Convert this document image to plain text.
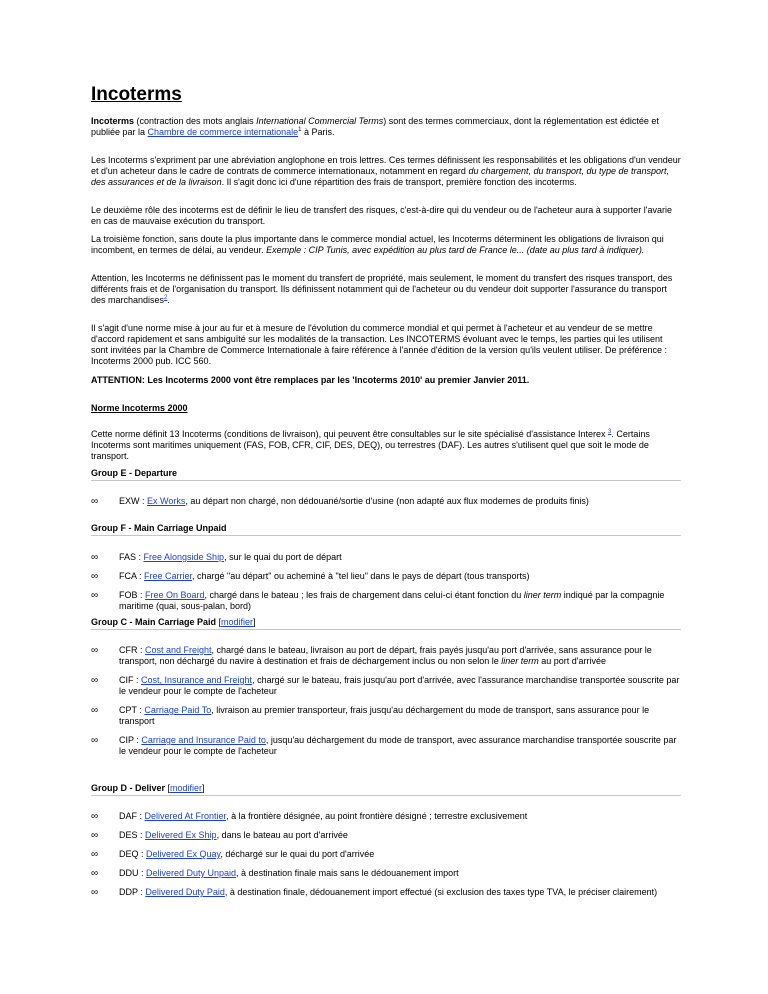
Incoterms

Incoterms (contraction des mots anglais International Commercial Terms) sont des termes commerciaux, dont la réglementation est édictée et publiée par la Chambre de commerce internationale$^1$ à Paris.

Les Incoterms s'expriment par une abréviation anglophone en trois lettres. Ces termes définissent les responsabilités et les obligations d'un vendeur et d'un acheteur dans le cadre de contrats de commerce internationaux, notamment en regard du chargement, du transport, du type de transport, des assurances et de la livraison. Il s'agit donc ici d'une répartition des frais de transport, première fonction des incoterms.

Le deuxième rôle des incoterms est de définir le lieu de transfert des risques, c'est-à-dire qui du vendeur ou de l'acheteur aura à supporter l'avarie en cas de mauvaise exécution du transport.

La troisième fonction, sans doute la plus importante dans le commerce mondial actuel, les Incoterms déterminent les obligations de livraison qui incombent, en termes de délai, au vendeur. Exemple : CIP Tunis, avec expédition au plus tard de France le... (date au plus tard à indiquer).

Attention, les Incoterms ne définissent pas le moment du transfert de propriété, mais seulement, le moment du transfert des risques transport, des différents frais et de l'organisation du transport. Ils définissent notamment qui de l'acheteur ou du vendeur doit supporter l'assurance du transport des marchandises$^2$.

Il s'agit d'une norme mise à jour au fur et à mesure de l'évolution du commerce mondial et qui permet à l'acheteur et au vendeur de se mettre d'accord rapidement et sans ambiguïté sur les modalités de la transaction. Les INCOTERMS évoluant avec le temps, les parties qui les utilisent sont invitées par la Chambre de Commerce Internationale à faire référence à l'année d'édition de la version qu'ils veulent utiliser. De préférence : Incoterms 2000 pub. ICC 560.

ATTENTION: Les Incoterms 2000 vont être remplaces par les 'Incoterms 2010' au premier Janvier 2011.

Norme Incoterms 2000

Cette norme définit 13 Incoterms (conditions de livraison), qui peuvent être consultables sur le site spécialisé d'assistance Interex $^3$. Certains Incoterms sont maritimes uniquement (FAS, FOB, CFR, CIF, DES, DEQ), ou terrestres (DAF). Les autres s'utilisent quel que soit le mode de transport.

Group E - Departure

∞ EXW : Ex Works, au départ non chargé, non dédouané/sortie d'usine (non adapté aux flux modernes de produits finis)

Group F - Main Carriage Unpaid

∞ FAS : Free Alongside Ship, sur le quai du port de départ
∞ FCA : Free Carrier, chargé "au départ" ou acheminé à "tel lieu" dans le pays de départ (tous transports)
∞ FOB : Free On Board, chargé dans le bateau ; les frais de chargement dans celui-ci étant fonction du liner term indiqué par la compagnie maritime (quai, sous-palan, bord)

Group C - Main Carriage Paid [modifier]

∞ CFR : Cost and Freight, chargé dans le bateau, livraison au port de départ, frais payés jusqu'au port d'arrivée, sans assurance pour le transport, non déchargé du navire à destination et frais de déchargement inclus ou non selon le liner term au port d'arrivée
∞ CIF : Cost, Insurance and Freight, chargé sur le bateau, frais jusqu'au port d'arrivée, avec l'assurance marchandise transportée souscrite par le vendeur pour le compte de l'acheteur
∞ CPT : Carriage Paid To, livraison au premier transporteur, frais jusqu'au déchargement du mode de transport, sans assurance pour le transport
∞ CIP : Carriage and Insurance Paid to, jusqu'au déchargement du mode de transport, avec assurance marchandise transportée souscrite par le vendeur pour le compte de l'acheteur

Group D - Deliver [modifier]

∞ DAF : Delivered At Frontier, à la frontière désignée, au point frontière désigné ; terrestre exclusivement
∞ DES : Delivered Ex Ship, dans le bateau au port d'arrivée
∞ DEQ : Delivered Ex Quay, déchargé sur le quai du port d'arrivée
∞ DDU : Delivered Duty Unpaid, à destination finale mais sans le dédouanement import
∞ DDP : Delivered Duty Paid, à destination finale, dédouanement import effectué (si exclusion des taxes type TVA, le préciser clairement)
